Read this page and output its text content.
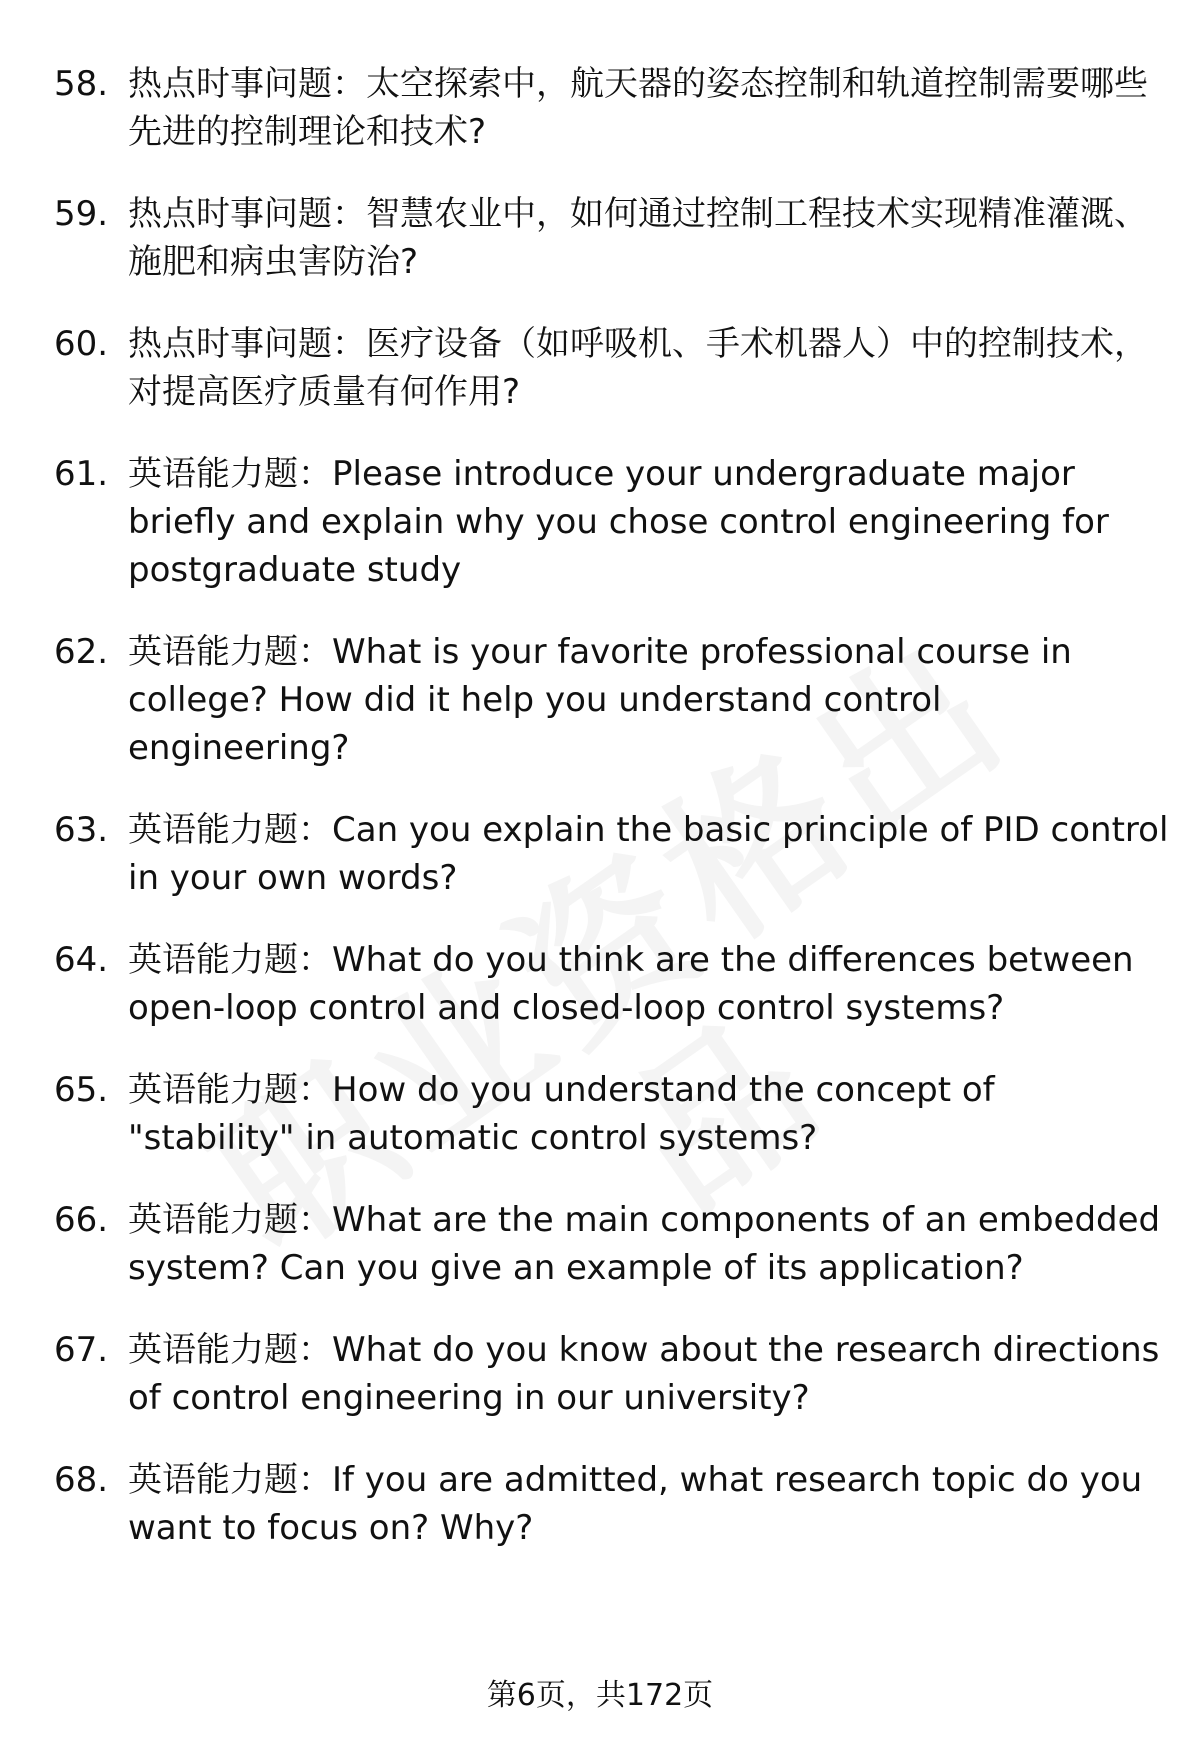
58. 热点时事问题：太空探索中，航天器的姿态控制和轨道控制需要哪些先进的控制理论和技术?
59. 热点时事问题：智慧农业中，如何通过控制工程技术实现精准灌溉、施肥和病虫害防治?
60. 热点时事问题：医疗设备（如呼吸机、手术机器人）中的控制技术，对提高医疗质量有何作用?
61. 英语能力题：Please introduce your undergraduate major briefly and explain why you chose control engineering for postgraduate study
62. 英语能力题：What is your favorite professional course in college? How did it help you understand control engineering?
63. 英语能力题：Can you explain the basic principle of PID control in your own words?
64. 英语能力题：What do you think are the differences between open-loop control and closed-loop control systems?
65. 英语能力题：How do you understand the concept of "stability" in automatic control systems?
66. 英语能力题：What are the main components of an embedded system? Can you give an example of its application?
67. 英语能力题：What do you know about the research directions of control engineering in our university?
68. 英语能力题：If you are admitted, what research topic do you want to focus on? Why?
第6页，共172页
